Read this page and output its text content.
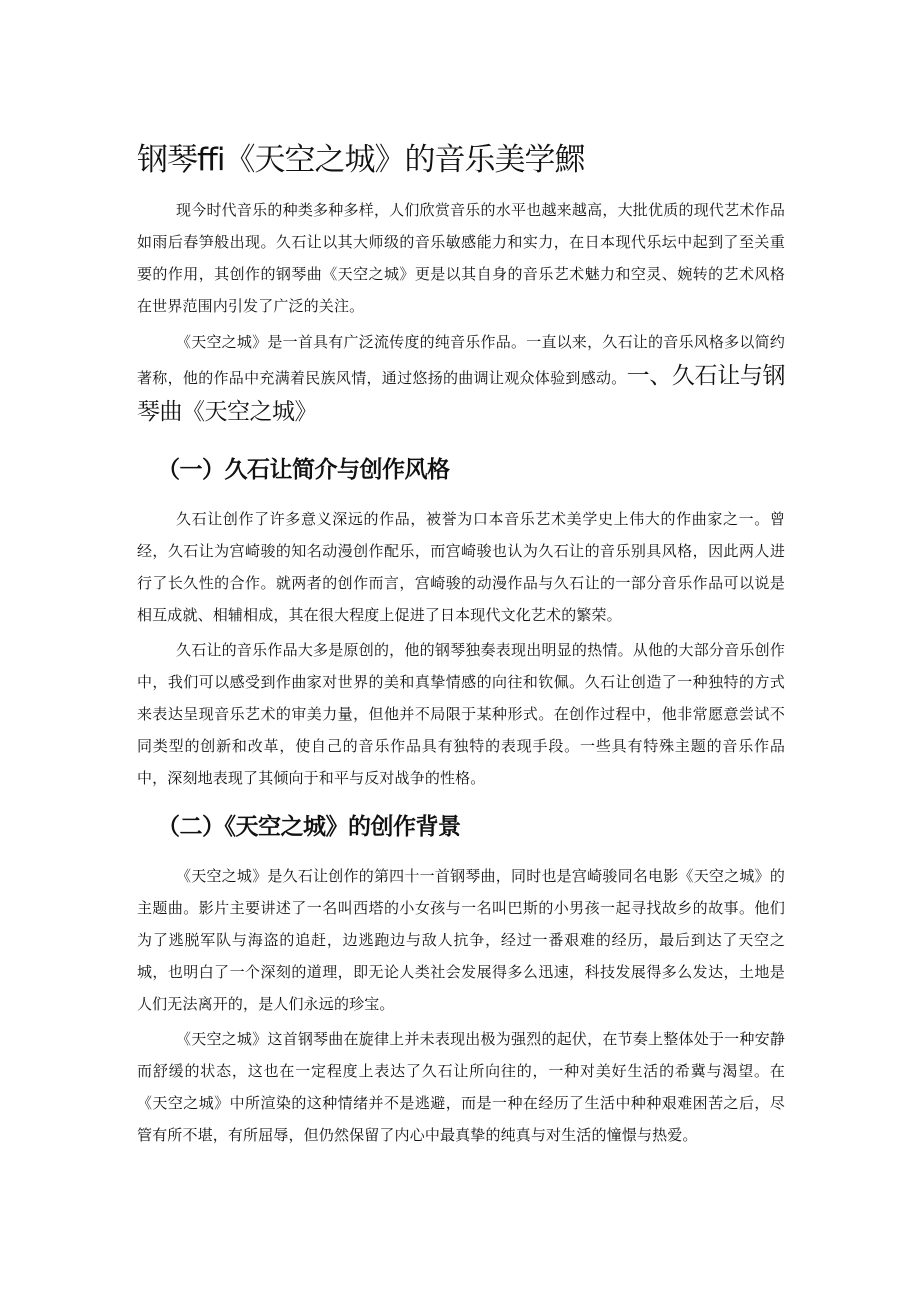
钢琴ffi《天空之城》的音乐美学鰥

现今时代音乐的种类多种多样，人们欣赏音乐的水平也越来越高，大批优质的现代艺术作品如雨后春笋般出现。久石让以其大师级的音乐敏感能力和实力，在日本现代乐坛中起到了至关重要的作用，其创作的钢琴曲《天空之城》更是以其自身的音乐艺术魅力和空灵、婉转的艺术风格在世界范围内引发了广泛的关注。

《天空之城》是一首具有广泛流传度的纯音乐作品。一直以来，久石让的音乐风格多以简约著称，他的作品中充满着民族风情，通过悠扬的曲调让观众体验到感动。一、久石让与钢琴曲《天空之城》

（一）久石让简介与创作风格

久石让创作了许多意义深远的作品，被誉为口本音乐艺术美学史上伟大的作曲家之一。曾经，久石让为宫崎骏的知名动漫创作配乐，而宫崎骏也认为久石让的音乐别具风格，因此两人进行了长久性的合作。就两者的创作而言，宫崎骏的动漫作品与久石让的一部分音乐作品可以说是相互成就、相辅相成，其在很大程度上促进了日本现代文化艺术的繁荣。

久石让的音乐作品大多是原创的，他的钢琴独奏表现出明显的热情。从他的大部分音乐创作中，我们可以感受到作曲家对世界的美和真挚情感的向往和钦佩。久石让创造了一种独特的方式来表达呈现音乐艺术的审美力量，但他并不局限于某种形式。在创作过程中，他非常愿意尝试不同类型的创新和改革，使自己的音乐作品具有独特的表现手段。一些具有特殊主题的音乐作品中，深刻地表现了其倾向于和平与反对战争的性格。

（二）《天空之城》的创作背景

《天空之城》是久石让创作的第四十一首钢琴曲，同时也是宫崎骏同名电影《天空之城》的主题曲。影片主要讲述了一名叫西塔的小女孩与一名叫巴斯的小男孩一起寻找故乡的故事。他们为了逃脱军队与海盗的追赶，边逃跑边与敌人抗争，经过一番艰难的经历，最后到达了天空之城，也明白了一个深刻的道理，即无论人类社会发展得多么迅速，科技发展得多么发达，土地是人们无法离开的，是人们永远的珍宝。

《天空之城》这首钢琴曲在旋律上并未表现出极为强烈的起伏，在节奏上整体处于一种安静而舒缓的状态，这也在一定程度上表达了久石让所向往的，一种对美好生活的希冀与渴望。在《天空之城》中所渲染的这种情绪并不是逃避，而是一种在经历了生活中种种艰难困苦之后，尽管有所不堪，有所屈辱，但仍然保留了内心中最真挚的纯真与对生活的憧憬与热爱。
